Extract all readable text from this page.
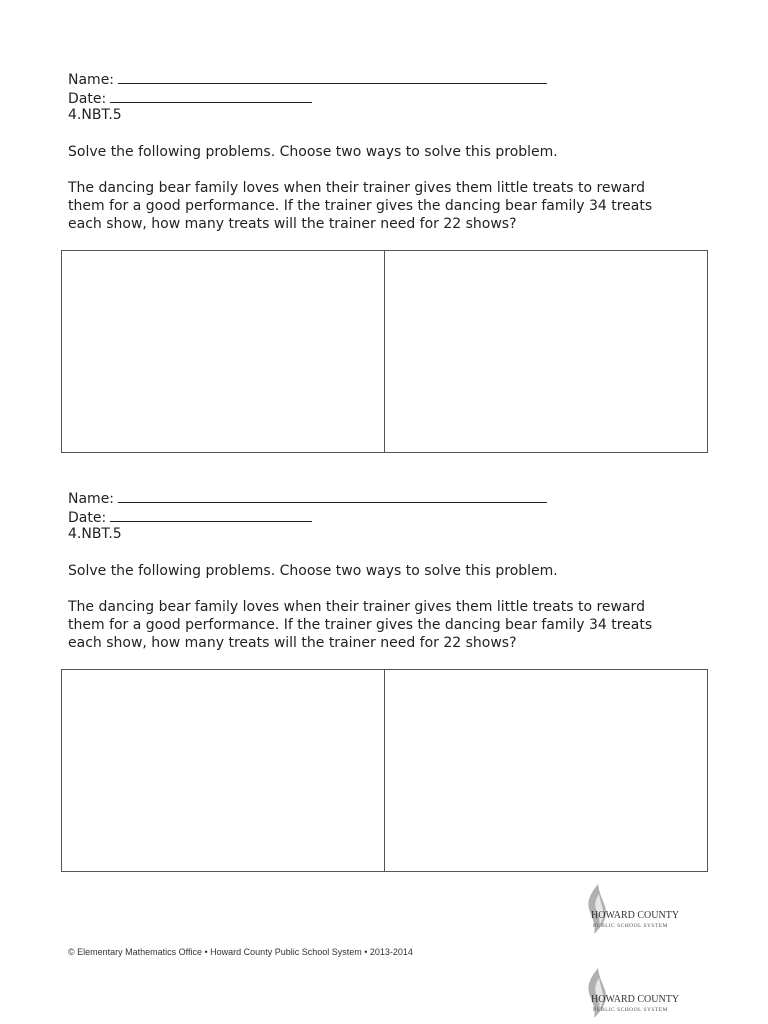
Name:
Date:
4.NBT.5
Solve the following problems. Choose two ways to solve this problem.
The dancing bear family loves when their trainer gives them little treats to reward
them for a good performance. If the trainer gives the dancing bear family 34 treats
each show, how many treats will the trainer need for 22 shows?
Name:
Date:
4.NBT.5
Solve the following problems. Choose two ways to solve this problem.
The dancing bear family loves when their trainer gives them little treats to reward
them for a good performance. If the trainer gives the dancing bear family 34 treats
each show, how many treats will the trainer need for 22 shows?
© Elementary Mathematics Office • Howard County Public School System • 2013-2014
HOWARD COUNTY
PUBLIC SCHOOL SYSTEM
HOWARD COUNTY
PUBLIC SCHOOL SYSTEM
